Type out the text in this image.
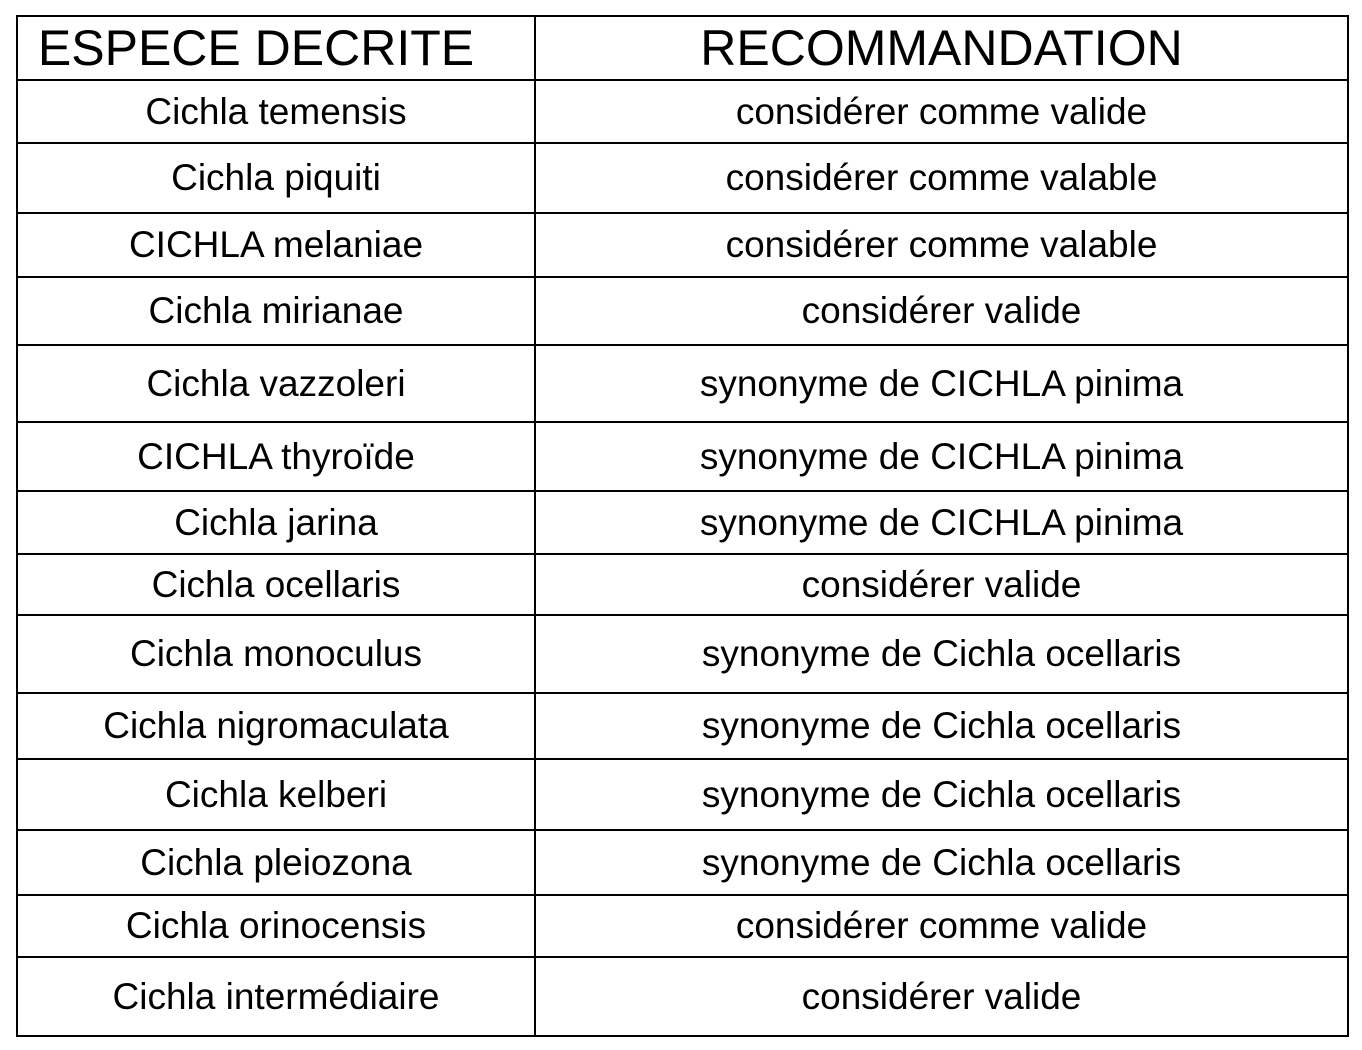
ESPECE DECRITE	RECOMMANDATION
Cichla temensis	considérer comme valide
Cichla piquiti	considérer comme valable
CICHLA melaniae	considérer comme valable
Cichla mirianae	considérer valide
Cichla vazzoleri	synonyme de CICHLA pinima
CICHLA thyroïde	synonyme de CICHLA pinima
Cichla jarina	synonyme de CICHLA pinima
Cichla ocellaris	considérer valide
Cichla monoculus	synonyme de Cichla ocellaris
Cichla nigromaculata	synonyme de Cichla ocellaris
Cichla kelberi	synonyme de Cichla ocellaris
Cichla pleiozona	synonyme de Cichla ocellaris
Cichla orinocensis	considérer comme valide
Cichla intermédiaire	considérer valide
